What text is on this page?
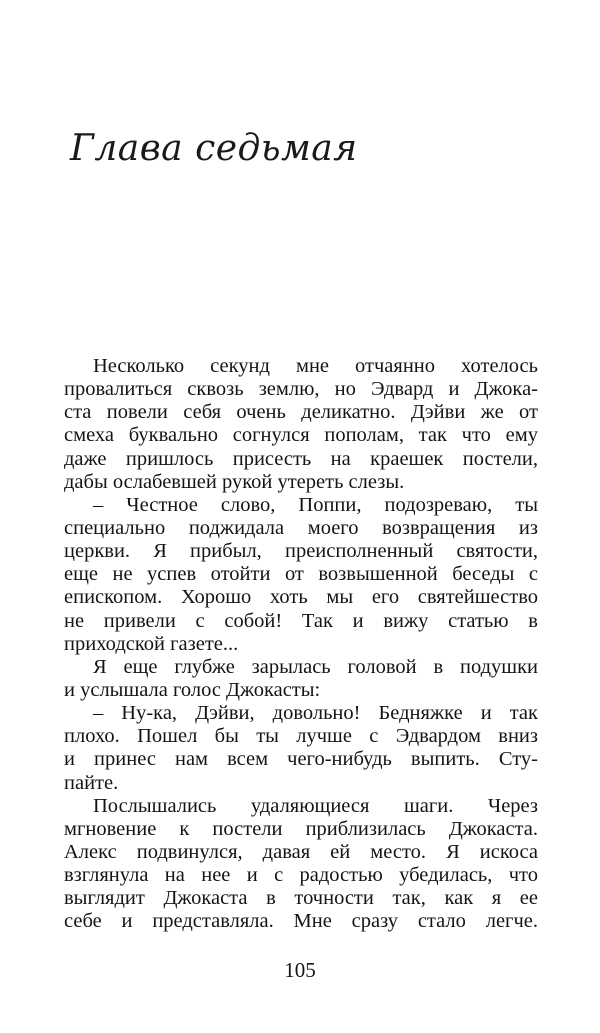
Глава седьмая
Несколько секунд мне отчаянно хотелось
провалиться сквозь землю, но Эдвард и Джока-
ста повели себя очень деликатно. Дэйви же от
смеха буквально согнулся пополам, так что ему
даже пришлось присесть на краешек постели,
дабы ослабевшей рукой утереть слезы.
– Честное слово, Поппи, подозреваю, ты
специально поджидала моего возвращения из
церкви. Я прибыл, преисполненный святости,
еще не успев отойти от возвышенной беседы с
епископом. Хорошо хоть мы его святейшество
не привели с собой! Так и вижу статью в
приходской газете...
Я еще глубже зарылась головой в подушки
и услышала голос Джокасты:
– Ну-ка, Дэйви, довольно! Бедняжке и так
плохо. Пошел бы ты лучше с Эдвардом вниз
и принес нам всем чего-нибудь выпить. Сту-
пайте.
Послышались удаляющиеся шаги. Через
мгновение к постели приблизилась Джокаста.
Алекс подвинулся, давая ей место. Я искоса
взглянула на нее и с радостью убедилась, что
выглядит Джокаста в точности так, как я ее
себе и представляла. Мне сразу стало легче.
105
